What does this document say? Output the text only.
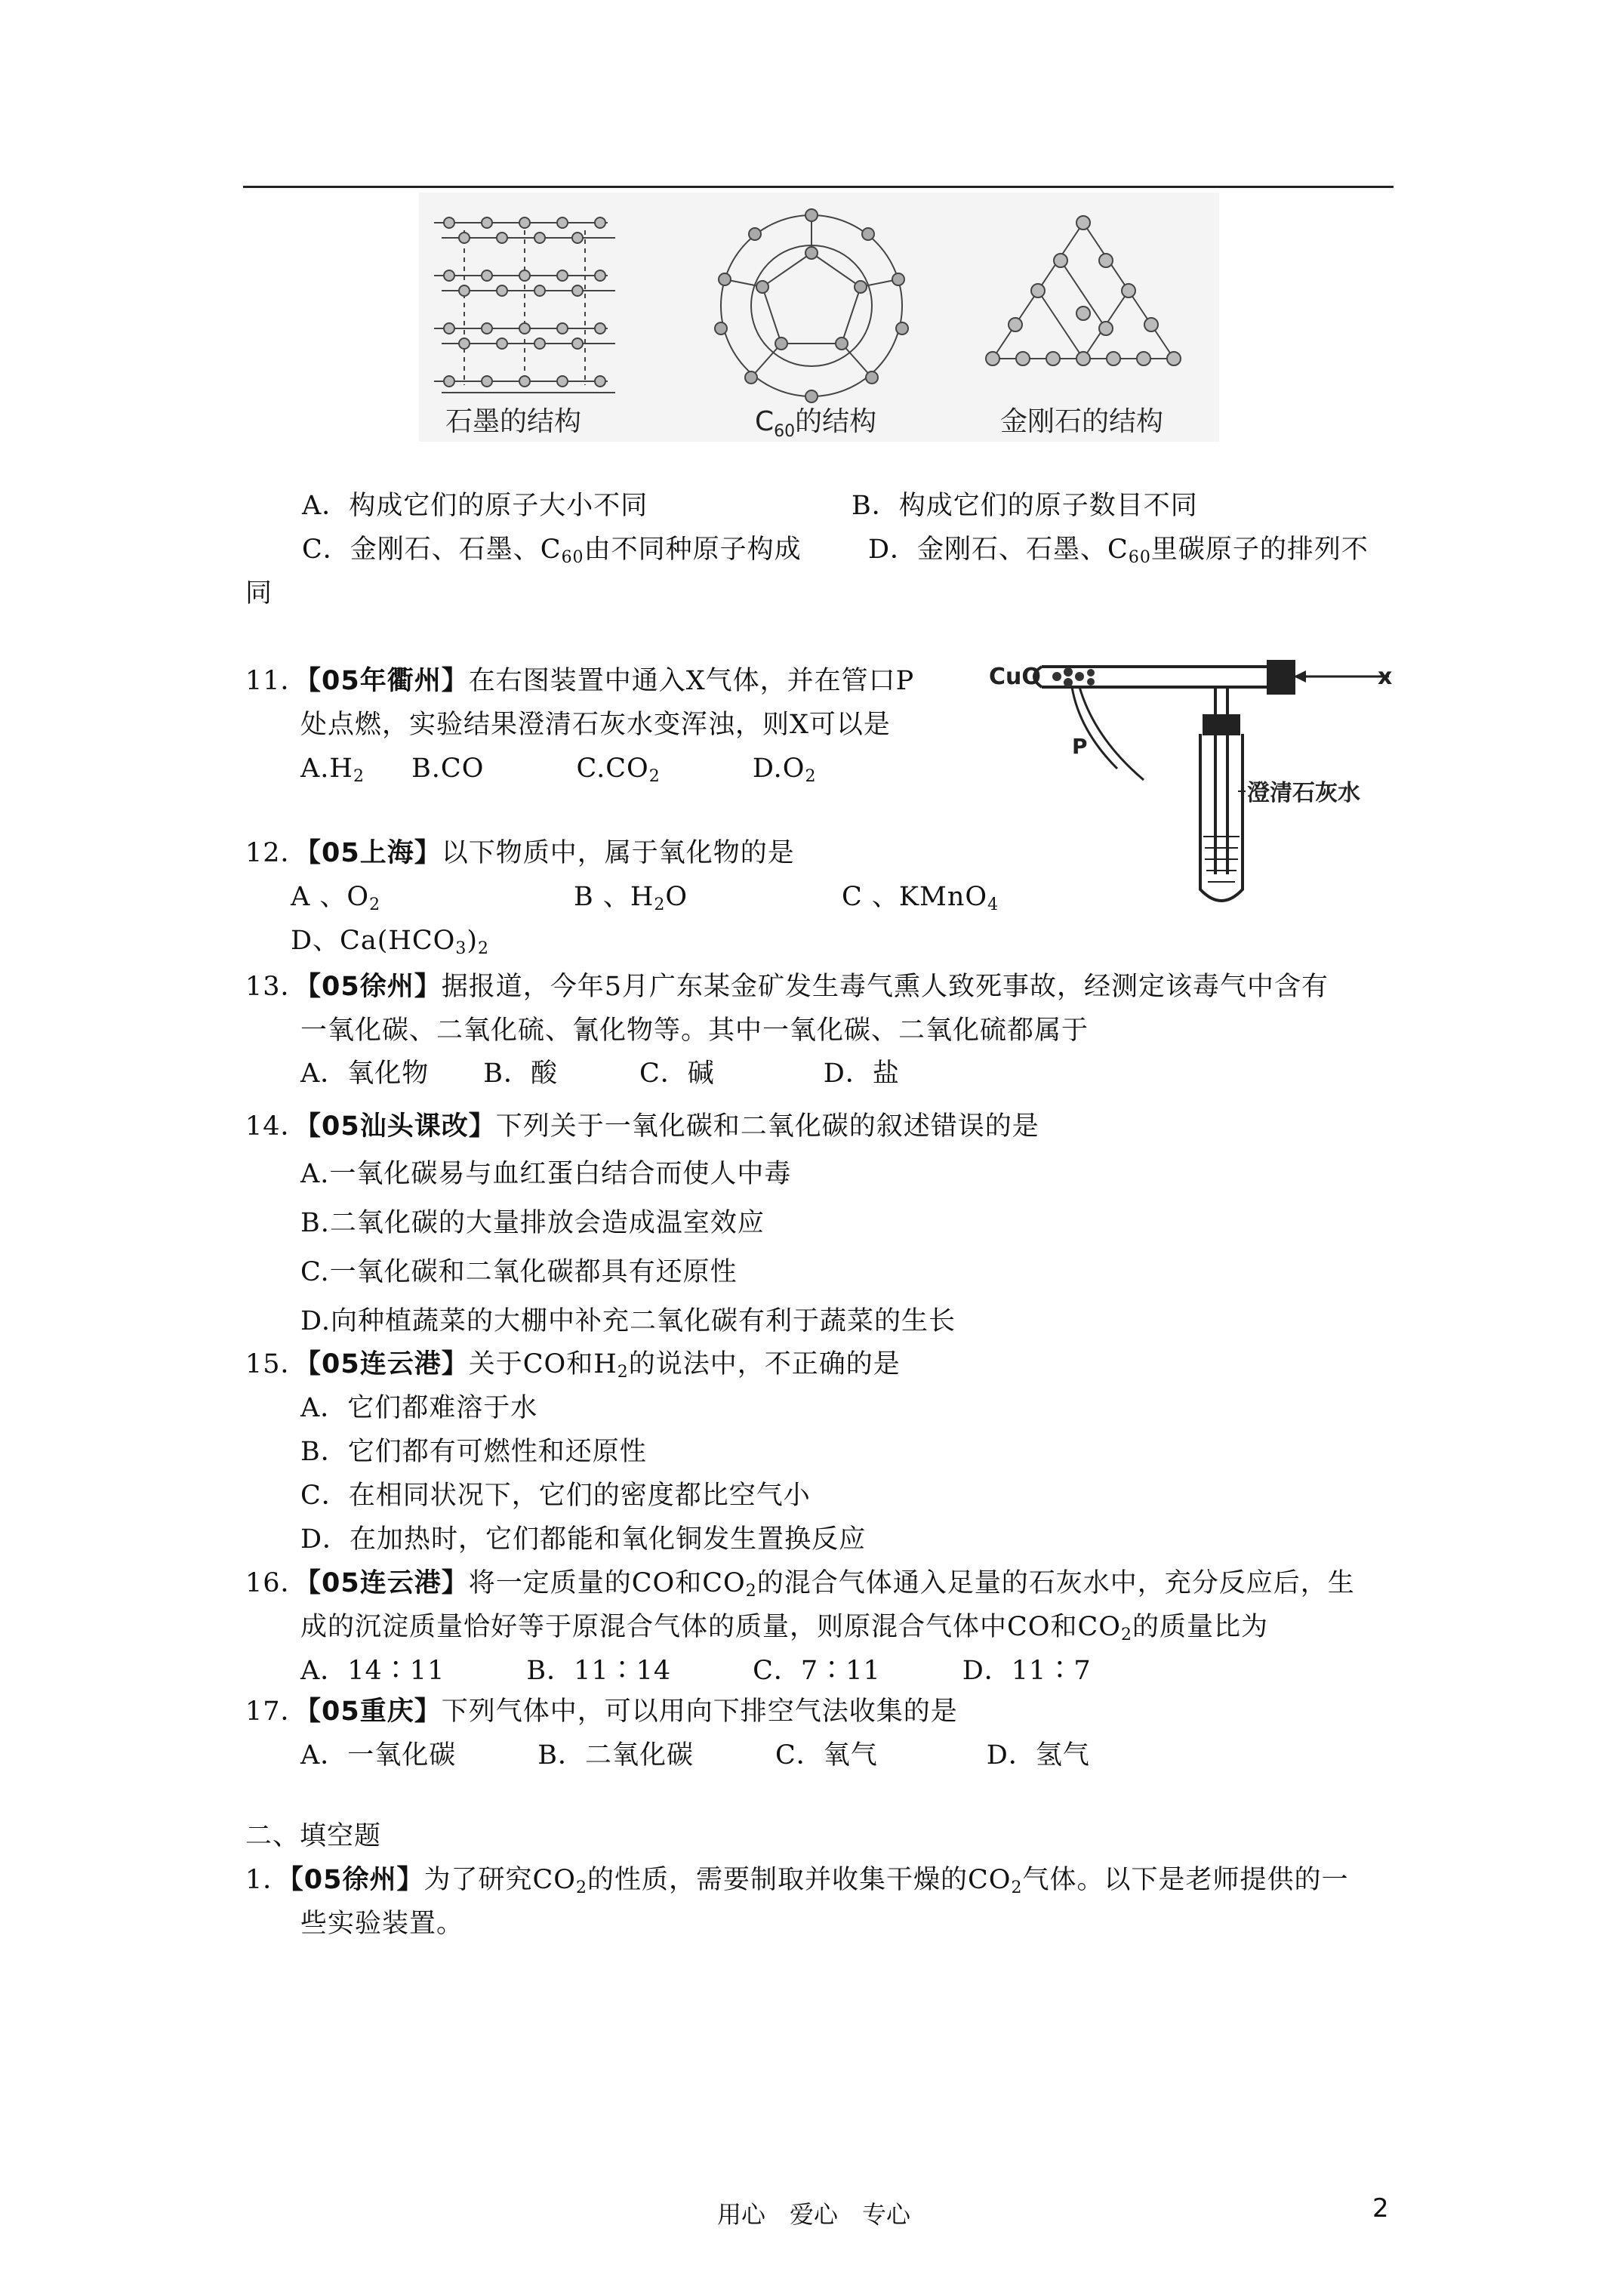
石墨的结构	$C_{60}$的结构	金刚石的结构
A．构成它们的原子大小不同	B．构成它们的原子数目不同
C．金刚石、石墨、$C_{60}$由不同种原子构成	D．金刚石、石墨、$C_{60}$里碳原子的排列不
同
11．【05年衢州】在右图装置中通入X气体，并在管口P
处点燃，实验结果澄清石灰水变浑浊，则X可以是
$A.H_2$ B.CO	$C.CO_2$	$D.O_2$
CuO	x
P
澄清石灰水
12．【05上海】以下物质中，属于氧化物的是
A 、$O_2$	B 、$H_2O$	C 、KMnO$_4$
D、$Ca(HCO_3)_2$
13．【05徐州】据报道，今年5月广东某金矿发生毒气熏人致死事故，经测定该毒气中含有
一氧化碳、二氧化硫、氰化物等。其中一氧化碳、二氧化硫都属于
A．氧化物　　B．酸　　　C．碱　　　　D．盐
14．【05汕头课改】下列关于一氧化碳和二氧化碳的叙述错误的是
A.一氧化碳易与血红蛋白结合而使人中毒
B.二氧化碳的大量排放会造成温室效应
C.一氧化碳和二氧化碳都具有还原性
D.向种植蔬菜的大棚中补充二氧化碳有利于蔬菜的生长
15．【05连云港】关于CO和$H_2$的说法中，不正确的是
A．它们都难溶于水
B．它们都有可燃性和还原性
C．在相同状况下，它们的密度都比空气小
D．在加热时，它们都能和氧化铜发生置换反应
16．【05连云港】将一定质量的CO和$CO_2$的混合气体通入足量的石灰水中，充分反应后，生
成的沉淀质量恰好等于原混合气体的质量，则原混合气体中CO和$CO_2$的质量比为
A．14∶11　　　B．11∶14　　　C．7∶11　　　D．11∶7
17．【05重庆】下列气体中，可以用向下排空气法收集的是
A．一氧化碳　　　B．二氧化碳　　　C．氧气　　　　D．氢气
二、填空题
1．【05徐州】为了研究$CO_2$的性质，需要制取并收集干燥的$CO_2$气体。以下是老师提供的一
些实验装置。
用心　爱心　专心	2
